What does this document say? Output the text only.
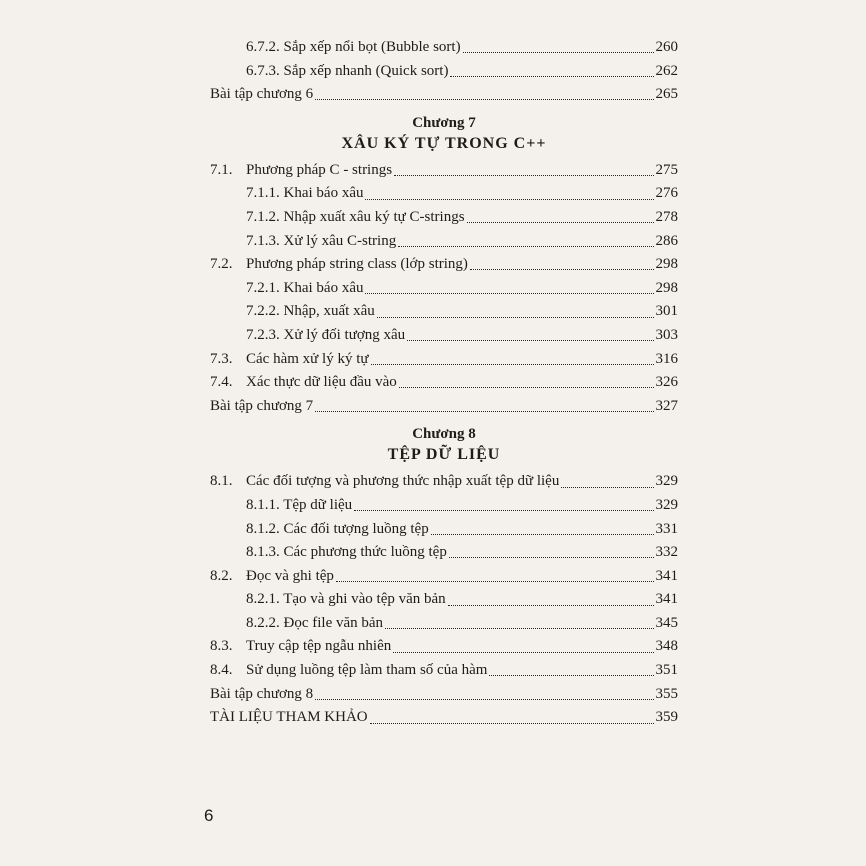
6.7.2. Sắp xếp nổi bọt (Bubble sort)	260
6.7.3. Sắp xếp nhanh (Quick sort)	262
Bài tập chương 6	265
Chương 7
XÂU KÝ TỰ TRONG C++
7.1. Phương pháp C - strings	275
7.1.1. Khai báo xâu	276
7.1.2. Nhập xuất xâu ký tự C-strings	278
7.1.3. Xử lý xâu C-string	286
7.2. Phương pháp string class (lớp string)	298
7.2.1. Khai báo xâu	298
7.2.2. Nhập, xuất xâu	301
7.2.3. Xử lý đối tượng xâu	303
7.3. Các hàm xử lý ký tự	316
7.4. Xác thực dữ liệu đầu vào	326
Bài tập chương 7	327
Chương 8
TỆP DỮ LIỆU
8.1. Các đối tượng và phương thức nhập xuất tệp dữ liệu	329
8.1.1. Tệp dữ liệu	329
8.1.2. Các đối tượng luồng tệp	331
8.1.3. Các phương thức luồng tệp	332
8.2. Đọc và ghi tệp	341
8.2.1. Tạo và ghi vào tệp văn bản	341
8.2.2. Đọc file văn bản	345
8.3. Truy cập tệp ngẫu nhiên	348
8.4. Sử dụng luồng tệp làm tham số của hàm	351
Bài tập chương 8	355
TÀI LIỆU THAM KHẢO	359
6
